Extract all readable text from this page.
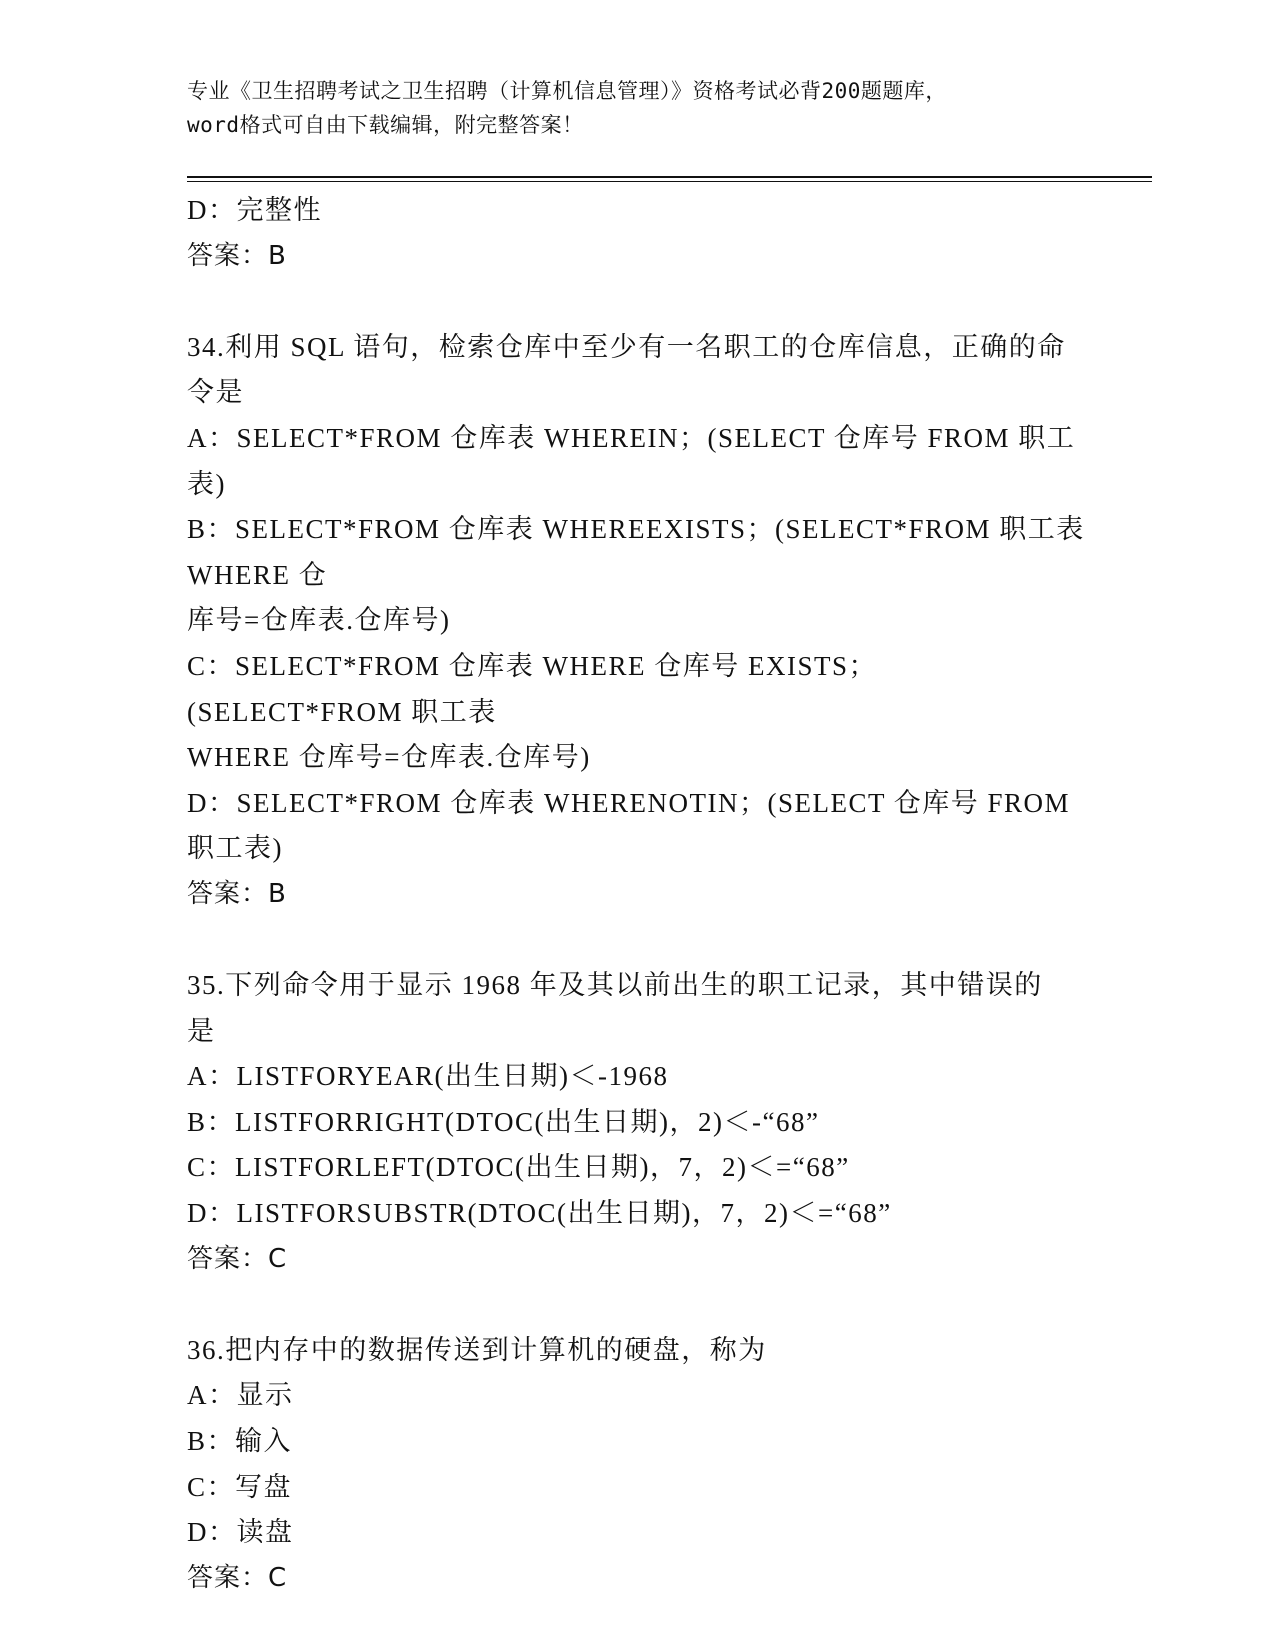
专业《卫生招聘考试之卫生招聘（计算机信息管理）》资格考试必背200题题库，
word格式可自由下载编辑，附完整答案！
D：完整性
答案：B
34.利用 SQL 语句，检索仓库中至少有一名职工的仓库信息，正确的命
令是
A：SELECT*FROM 仓库表 WHEREIN；(SELECT 仓库号 FROM 职工表)
B：SELECT*FROM 仓库表 WHEREEXISTS；(SELECT*FROM 职工表 WHERE 仓
库号=仓库表.仓库号)
C：SELECT*FROM 仓库表 WHERE 仓库号 EXISTS；(SELECT*FROM 职工表
WHERE 仓库号=仓库表.仓库号)
D：SELECT*FROM 仓库表 WHERENOTIN；(SELECT 仓库号 FROM 职工表)
答案：B
35.下列命令用于显示 1968 年及其以前出生的职工记录，其中错误的
是
A：LISTFORYEAR(出生日期)＜-1968
B：LISTFORRIGHT(DTOC(出生日期)，2)＜-“68”
C：LISTFORLEFT(DTOC(出生日期)，7，2)＜=“68”
D：LISTFORSUBSTR(DTOC(出生日期)，7，2)＜=“68”
答案：C
36.把内存中的数据传送到计算机的硬盘，称为
A：显示
B：输入
C：写盘
D：读盘
答案：C
